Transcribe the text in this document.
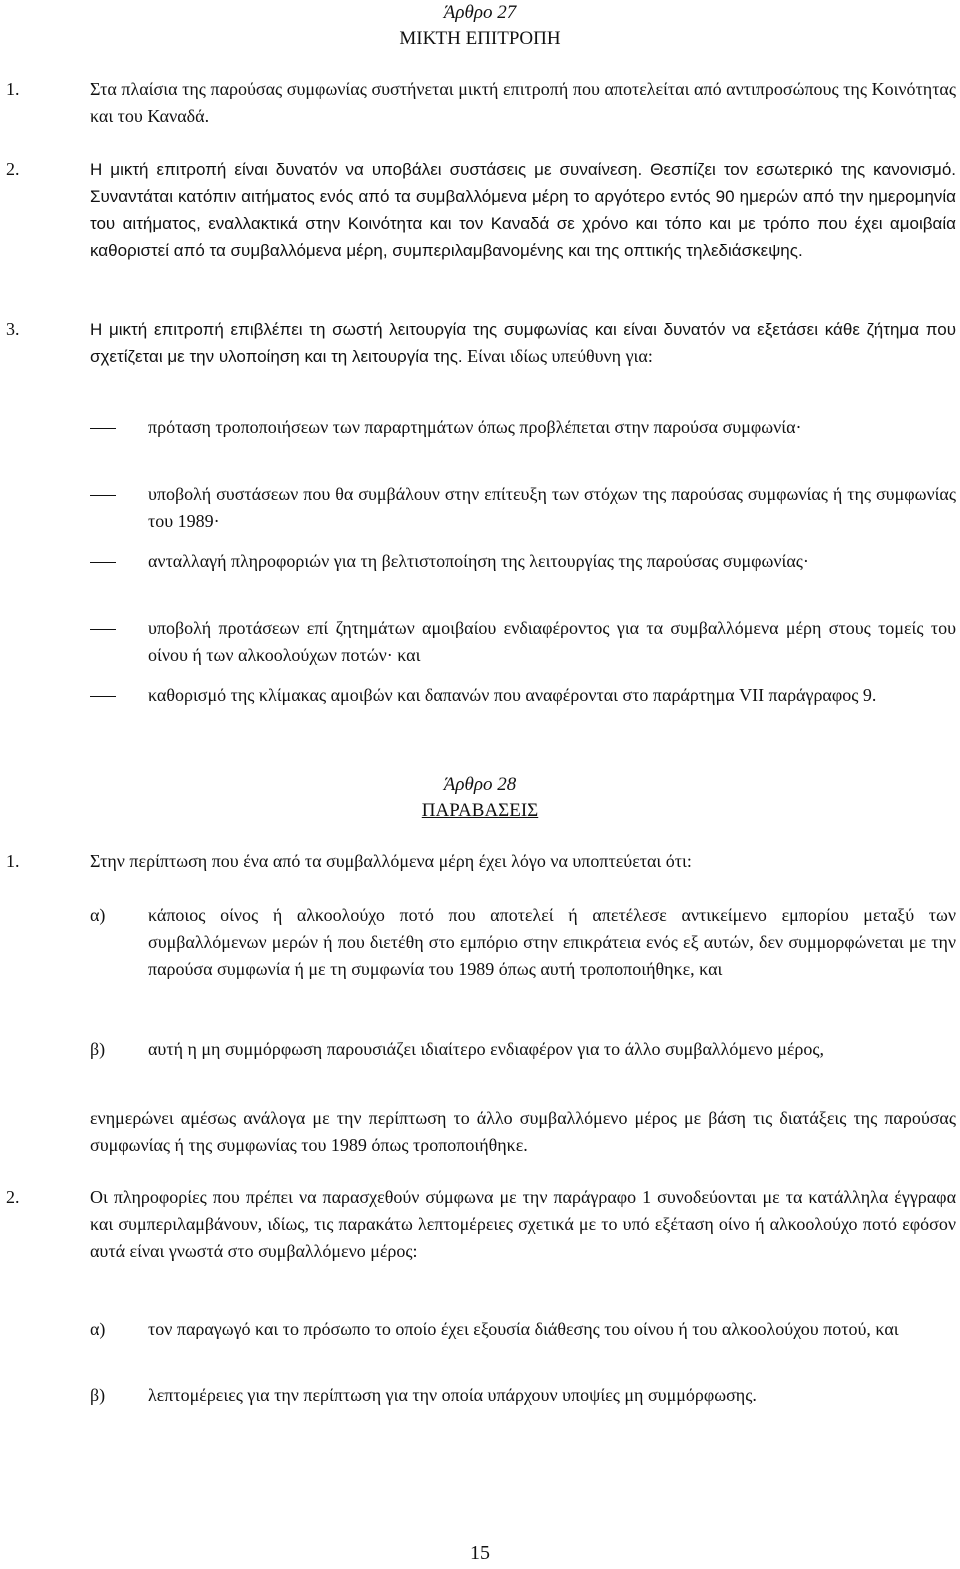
Άρθρο 27
ΜΙΚΤΗ ΕΠΙΤΡΟΠΗ
1.	Στα πλαίσια της παρούσας συμφωνίας συστήνεται μικτή επιτροπή που αποτελείται από αντιπροσώπους της Κοινότητας και του Καναδά.
2.	Η μικτή επιτροπή είναι δυνατόν να υποβάλει συστάσεις με συναίνεση. Θεσπίζει τον εσωτερικό της κανονισμό. Συναντάται κατόπιν αιτήματος ενός από τα συμβαλλόμενα μέρη το αργότερο εντός 90 ημερών από την ημερομηνία του αιτήματος, εναλλακτικά στην Κοινότητα και τον Καναδά σε χρόνο και τόπο και με τρόπο που έχει αμοιβαία καθοριστεί από τα συμβαλλόμενα μέρη, συμπεριλαμβανομένης και της οπτικής τηλεδιάσκεψης.
3.	Η μικτή επιτροπή επιβλέπει τη σωστή λειτουργία της συμφωνίας και είναι δυνατόν να εξετάσει κάθε ζήτημα που σχετίζεται με την υλοποίηση και τη λειτουργία της. Είναι ιδίως υπεύθυνη για:
πρόταση τροποποιήσεων των παραρτημάτων όπως προβλέπεται στην παρούσα συμφωνία·
υποβολή συστάσεων που θα συμβάλουν στην επίτευξη των στόχων της παρούσας συμφωνίας ή της συμφωνίας του 1989·
ανταλλαγή πληροφοριών για τη βελτιστοποίηση της λειτουργίας της παρούσας συμφωνίας·
υποβολή προτάσεων επί ζητημάτων αμοιβαίου ενδιαφέροντος για τα συμβαλλόμενα μέρη στους τομείς του οίνου ή των αλκοολούχων ποτών· και
καθορισμό της κλίμακας αμοιβών και δαπανών που αναφέρονται στο παράρτημα VII παράγραφος 9.
Άρθρο 28
ΠΑΡΑΒΑΣΕΙΣ
1.	Στην περίπτωση που ένα από τα συμβαλλόμενα μέρη έχει λόγο να υποπτεύεται ότι:
α) κάποιος οίνος ή αλκοολούχο ποτό που αποτελεί ή απετέλεσε αντικείμενο εμπορίου μεταξύ των συμβαλλόμενων μερών ή που διετέθη στο εμπόριο στην επικράτεια ενός εξ αυτών, δεν συμμορφώνεται με την παρούσα συμφωνία ή με τη συμφωνία του 1989 όπως αυτή τροποποιήθηκε, και
β) αυτή η μη συμμόρφωση παρουσιάζει ιδιαίτερο ενδιαφέρον για το άλλο συμβαλλόμενο μέρος,
ενημερώνει αμέσως ανάλογα με την περίπτωση το άλλο συμβαλλόμενο μέρος με βάση τις διατάξεις της παρούσας συμφωνίας ή της συμφωνίας του 1989 όπως τροποποιήθηκε.
2.	Οι πληροφορίες που πρέπει να παρασχεθούν σύμφωνα με την παράγραφο 1 συνοδεύονται με τα κατάλληλα έγγραφα και συμπεριλαμβάνουν, ιδίως, τις παρακάτω λεπτομέρειες σχετικά με το υπό εξέταση οίνο ή αλκοολούχο ποτό εφόσον αυτά είναι γνωστά στο συμβαλλόμενο μέρος:
α) τον παραγωγό και το πρόσωπο το οποίο έχει εξουσία διάθεσης του οίνου ή του αλκοολούχου ποτού, και
β) λεπτομέρειες για την περίπτωση για την οποία υπάρχουν υποψίες μη συμμόρφωσης.
15
